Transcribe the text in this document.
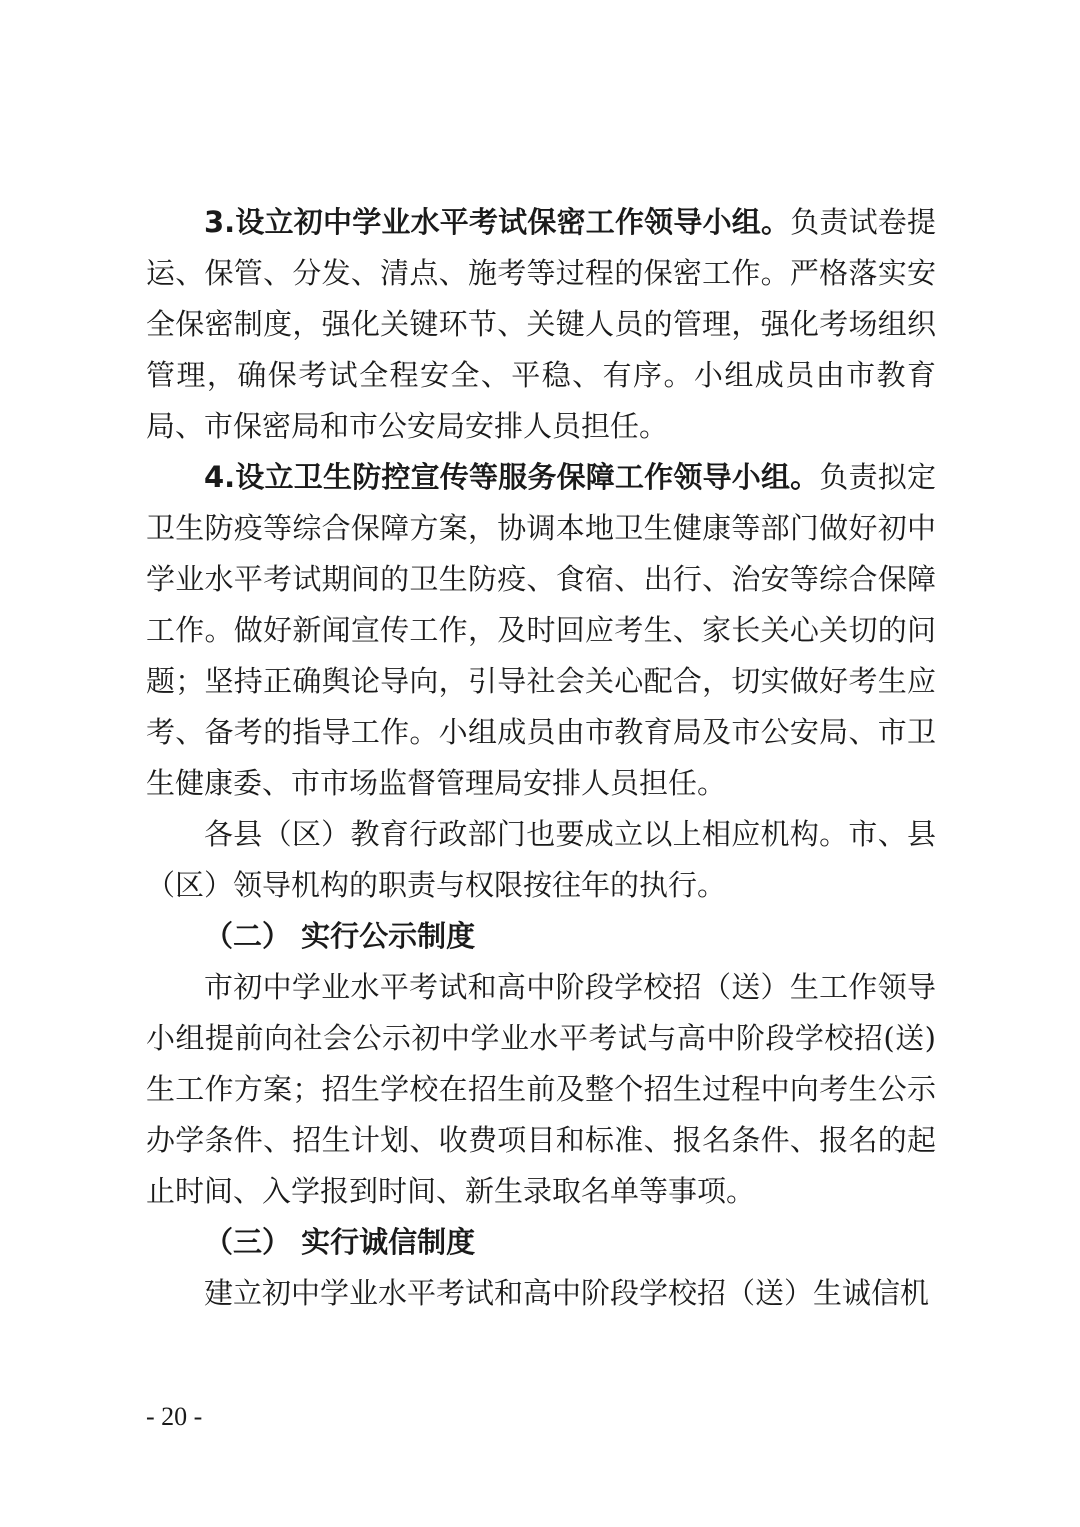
3.设立初中学业水平考试保密工作领导小组。负责试卷提运、保管、分发、清点、施考等过程的保密工作。严格落实安全保密制度，强化关键环节、关键人员的管理，强化考场组织管理，确保考试全程安全、平稳、有序。小组成员由市教育局、市保密局和市公安局安排人员担任。

4.设立卫生防控宣传等服务保障工作领导小组。负责拟定卫生防疫等综合保障方案，协调本地卫生健康等部门做好初中学业水平考试期间的卫生防疫、食宿、出行、治安等综合保障工作。做好新闻宣传工作，及时回应考生、家长关心关切的问题；坚持正确舆论导向，引导社会关心配合，切实做好考生应考、备考的指导工作。小组成员由市教育局及市公安局、市卫生健康委、市市场监督管理局安排人员担任。

各县（区）教育行政部门也要成立以上相应机构。市、县（区）领导机构的职责与权限按往年的执行。

（二） 实行公示制度

市初中学业水平考试和高中阶段学校招（送）生工作领导小组提前向社会公示初中学业水平考试与高中阶段学校招(送)生工作方案；招生学校在招生前及整个招生过程中向考生公示办学条件、招生计划、收费项目和标准、报名条件、报名的起止时间、入学报到时间、新生录取名单等事项。

（三） 实行诚信制度

建立初中学业水平考试和高中阶段学校招（送）生诚信机

- 20 -
